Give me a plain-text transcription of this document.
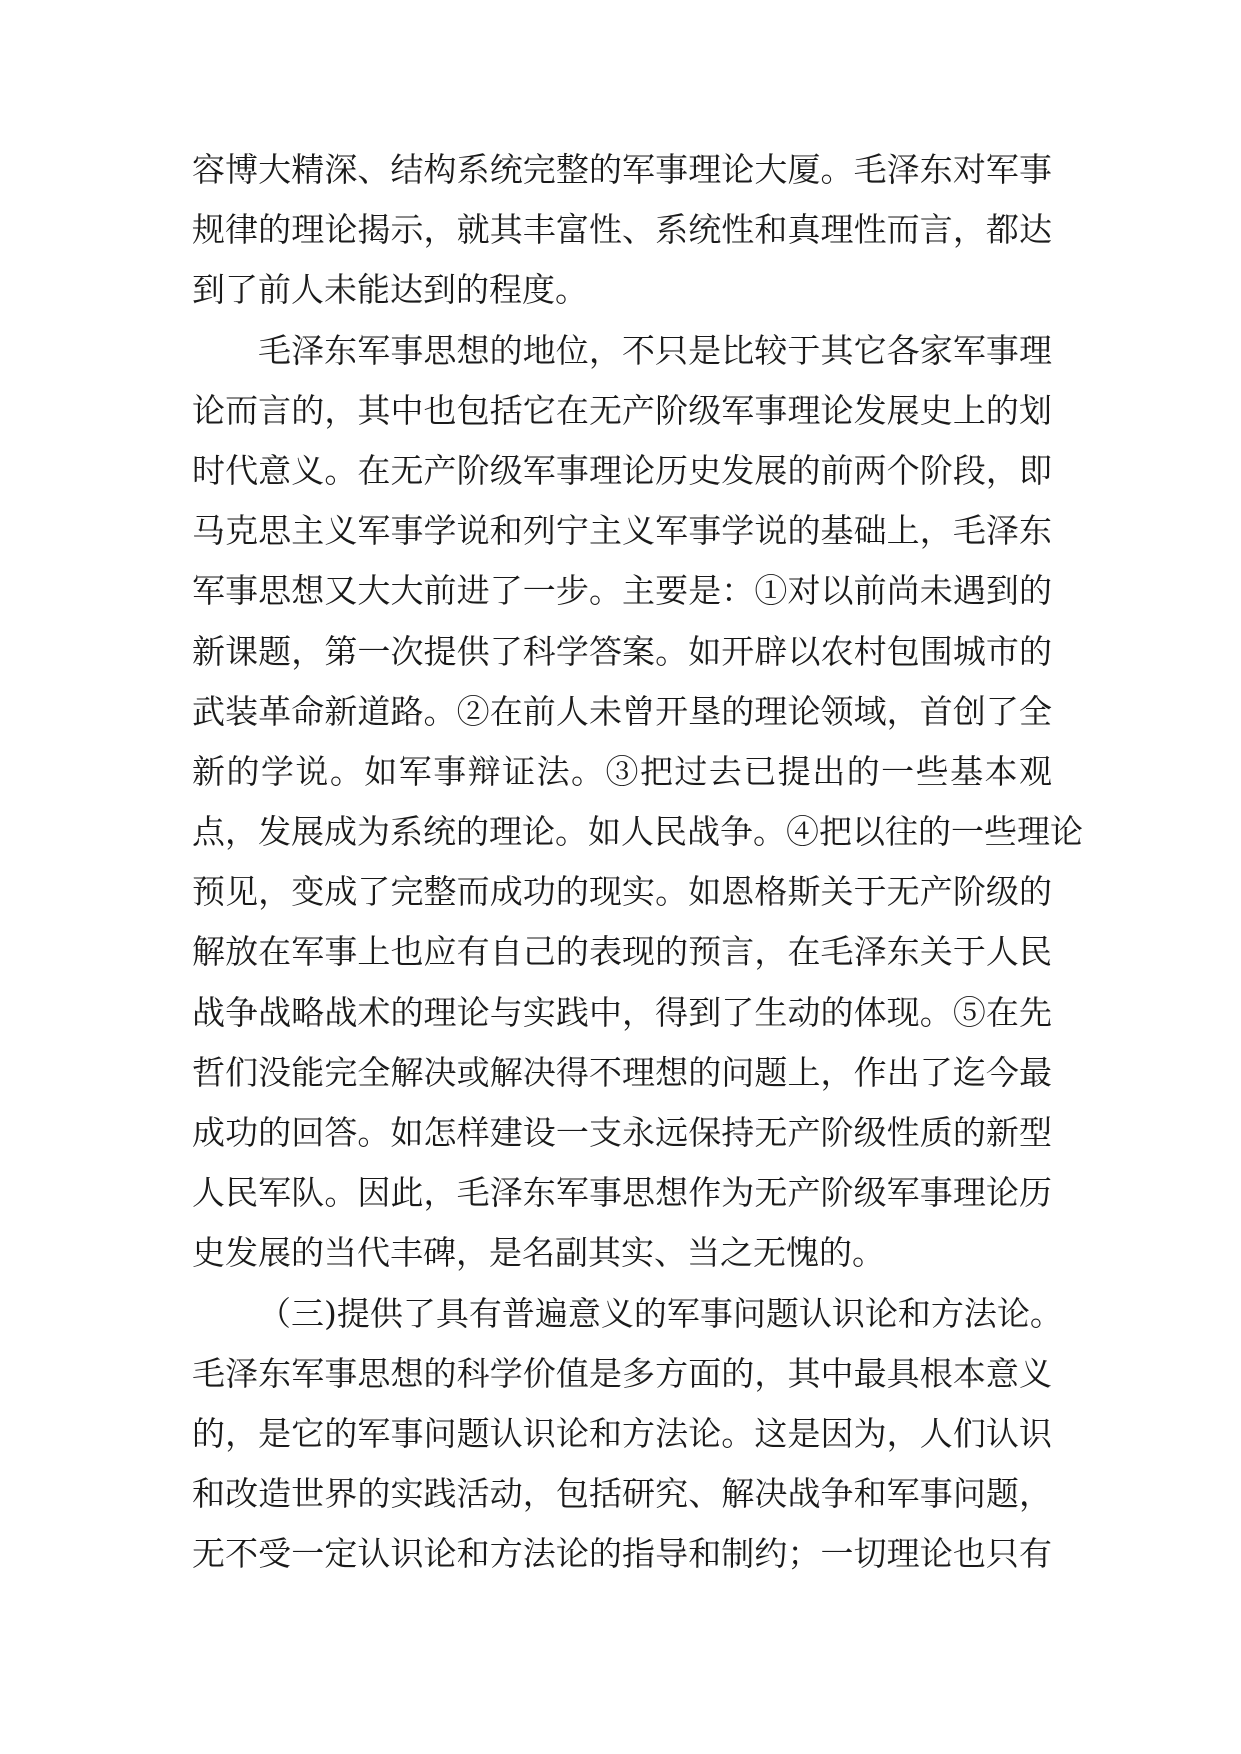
容博大精深、结构系统完整的军事理论大厦。毛泽东对军事
规律的理论揭示，就其丰富性、系统性和真理性而言，都达
到了前人未能达到的程度。
毛泽东军事思想的地位，不只是比较于其它各家军事理
论而言的，其中也包括它在无产阶级军事理论发展史上的划
时代意义。在无产阶级军事理论历史发展的前两个阶段，即
马克思主义军事学说和列宁主义军事学说的基础上，毛泽东
军事思想又大大前进了一步。主要是：①对以前尚未遇到的
新课题，第一次提供了科学答案。如开辟以农村包围城市的
武装革命新道路。②在前人未曾开垦的理论领域，首创了全
新的学说。如军事辩证法。③把过去已提出的一些基本观
点，发展成为系统的理论。如人民战争。④把以往的一些理论
预见，变成了完整而成功的现实。如恩格斯关于无产阶级的
解放在军事上也应有自己的表现的预言，在毛泽东关于人民
战争战略战术的理论与实践中，得到了生动的体现。⑤在先
哲们没能完全解决或解决得不理想的问题上，作出了迄今最
成功的回答。如怎样建设一支永远保持无产阶级性质的新型
人民军队。因此，毛泽东军事思想作为无产阶级军事理论历
史发展的当代丰碑，是名副其实、当之无愧的。
（三)提供了具有普遍意义的军事问题认识论和方法论。
毛泽东军事思想的科学价值是多方面的，其中最具根本意义
的，是它的军事问题认识论和方法论。这是因为，人们认识
和改造世界的实践活动，包括研究、解决战争和军事问题，
无不受一定认识论和方法论的指导和制约；一切理论也只有
